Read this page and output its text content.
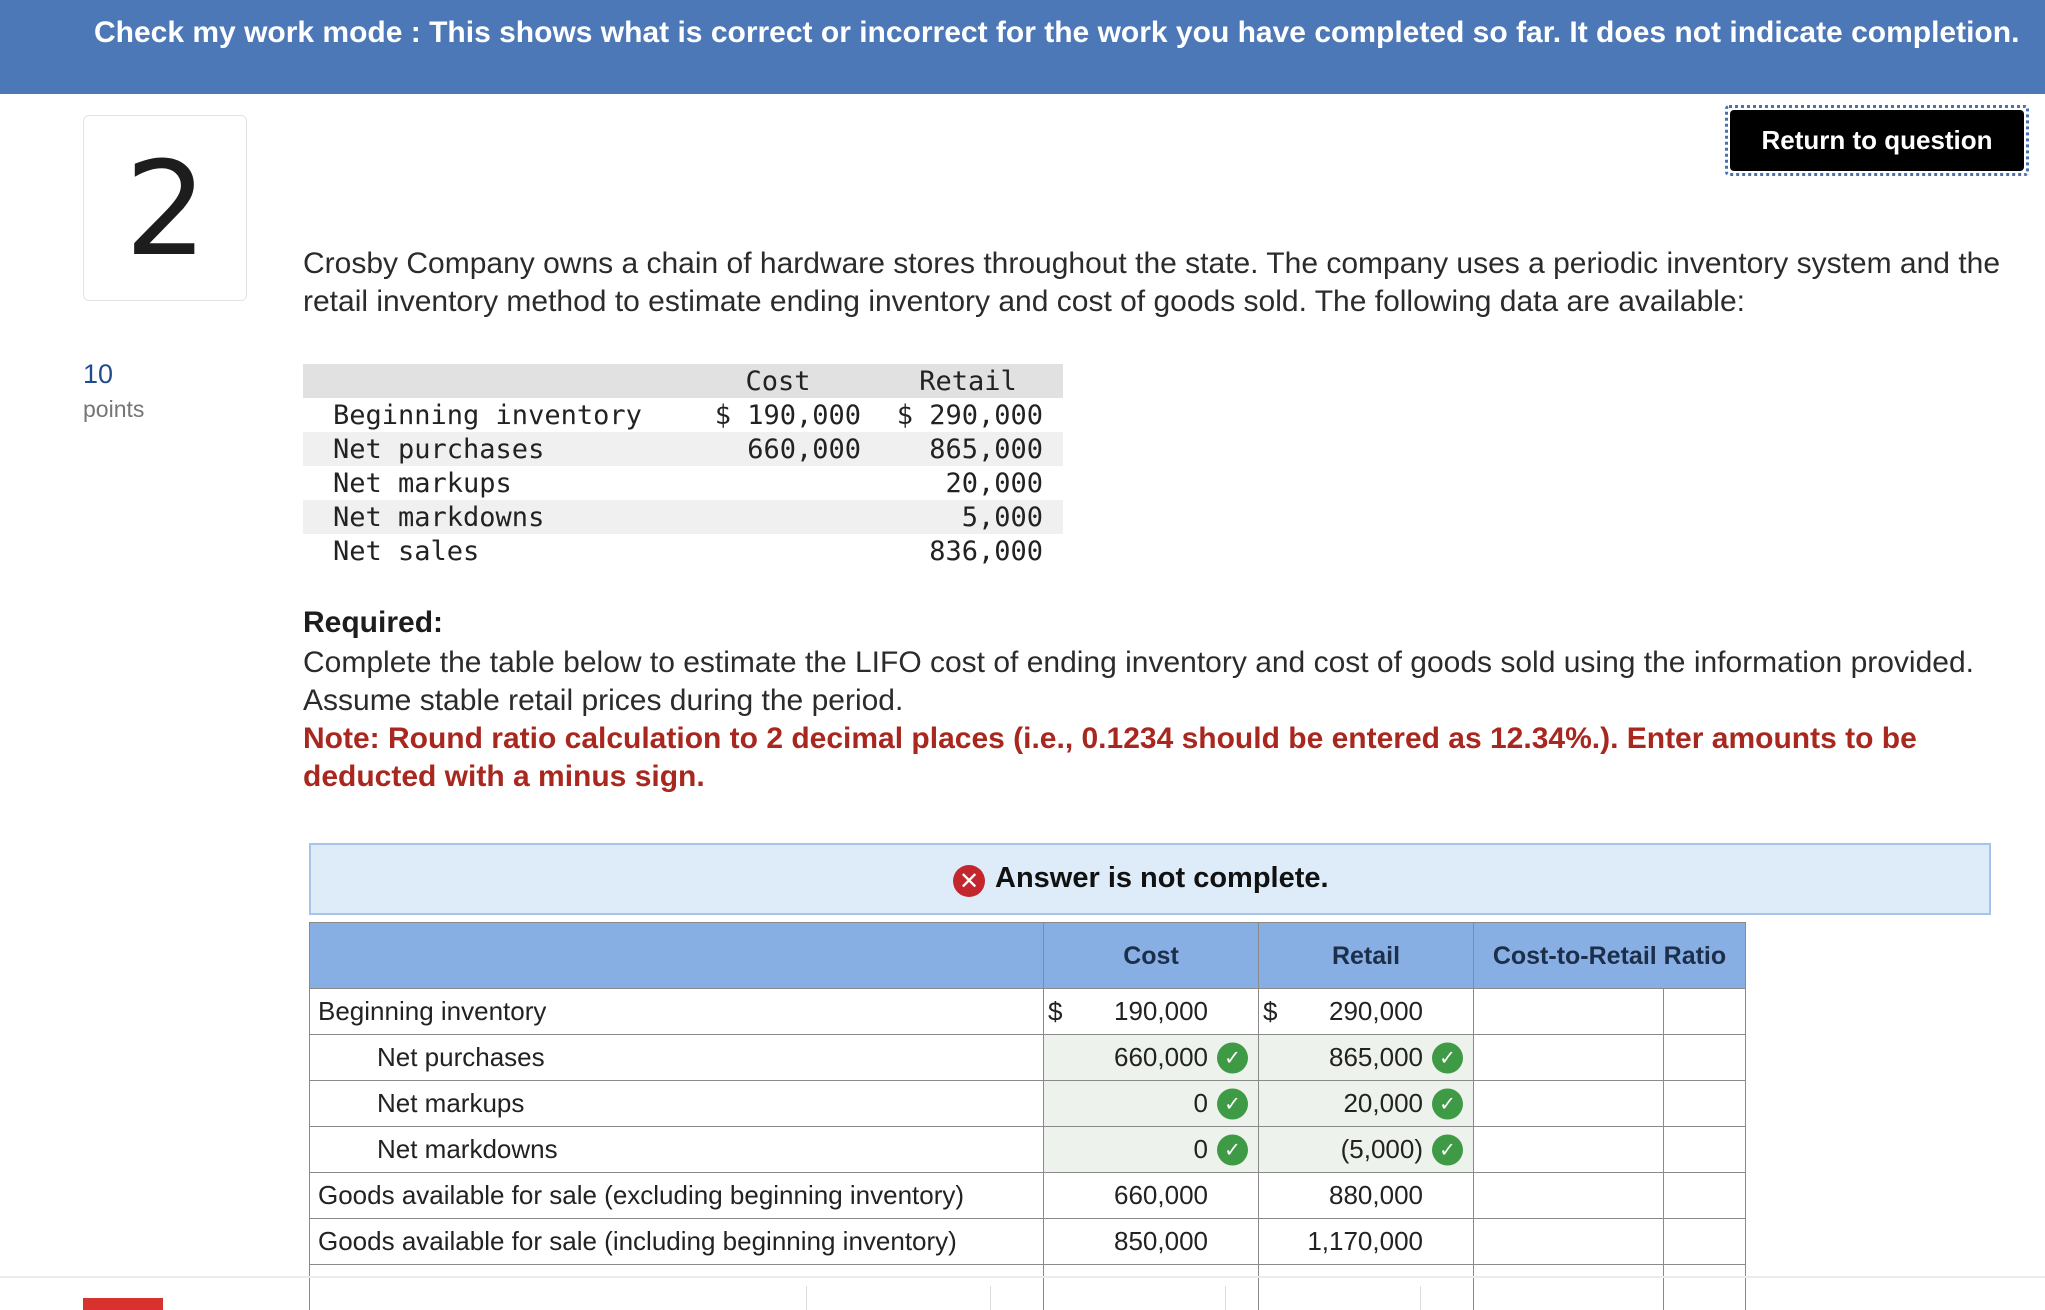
Check my work mode : This shows what is correct or incorrect for the work you have completed so far. It does not indicate completion.
2
10
points
Return to question

Crosby Company owns a chain of hardware stores throughout the state. The company uses a periodic inventory system and the retail inventory method to estimate ending inventory and cost of goods sold. The following data are available:

	Cost	Retail
Beginning inventory	$ 190,000	$ 290,000
Net purchases	660,000	865,000
Net markups		20,000
Net markdowns		5,000
Net sales		836,000
Required:

Complete the table below to estimate the LIFO cost of ending inventory and cost of goods sold using the information provided. Assume stable retail prices during the period.

Note: Round ratio calculation to 2 decimal places (i.e., 0.1234 should be entered as 12.34%.). Enter amounts to be deducted with a minus sign.

✕ Answer is not complete.
	Cost	Retail	Cost-to-Retail Ratio	
Beginning inventory	$ 190,000	$ 290,000		
Net purchases	660,000 ✓	865,000 ✓		

Net markups	0 ✓	20,000 ✓		

Net markdowns	0 ✓	(5,000) ✓		

Goods available for sale (excluding beginning inventory)	660,000	880,000		
Goods available for sale (including beginning inventory)	850,000	1,170,000		
